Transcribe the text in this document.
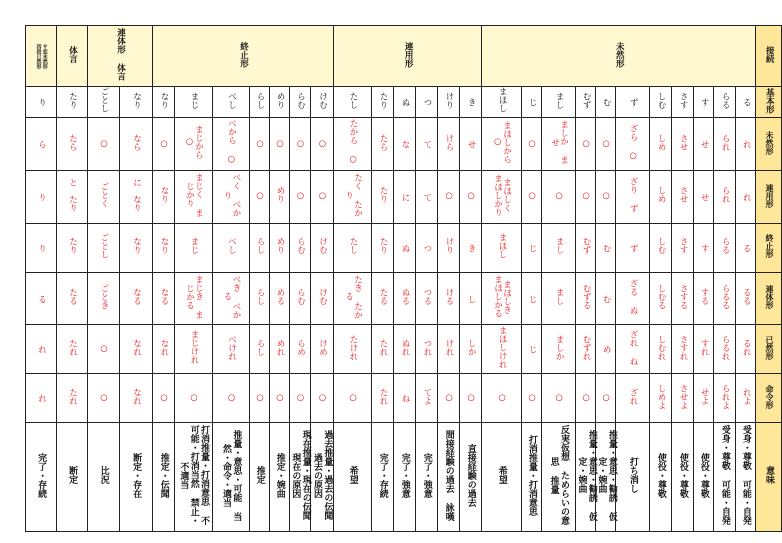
四段已然形 サ変未然形	体言	連体形 体言		終止形							連用形						未然形											接続
り	たり	ごとし	なり	なり	まじ	べし	らし	めり	らむ	けむ	たし	たり	ぬ	つ	けり	き	まほし	じ	まし	むず	む	ず	しむ	さす	す	らる	る	基本形
ら	たら	○	なら	○	まじから ○	べから ○	○	○	○	○	たから ○	たら	な	て	けら	せ	まほしから ○	○	ましか ませ	○	○	ざら ○	しめ	させ	せ	られ	れ	未然形
り	と　たり	ごとく	に　なり	なり	まじく まじかり	べく べかり	○	めり	○	○	たく たかり	たり	に	て	○	○	まほしく まほしかり	○	○	○	○	ざり ず	しめ	させ	せ	られ	れ	連用形
り	たり	ごとし	なり	なり	まじ	べし	らし	めり	らむ	けむ	たし	たり	ぬ	つ	けり	き	まほし	じ	まし	むず	む	ず	しむ	さす	す	らる	る	終止形
る	たる	ごとき	なる	なる	まじき まじかる	べき べかる	らし	める	らむ	けむ	たき たかる	たる	ぬる	つる	ける	し	まほしき まほしかる	じ	まし	むずる	む	ざる ぬ	しむる	さする	する	らるる	るる	連体形
れ	たれ	○	なれ	なれ	まじけれ	べけれ	らし	めれ	らめ	けめ	たけれ	たれ	ぬれ	つれ	けれ	しか	まほしけれ	じ	ましか	むずれ	め	ざれ ね	しむれ	さすれ	すれ	らるれ	るれ	已然形
れ	たれ	○	なれ	○	○	○	○	○	○	○	○	たれ	ね	てよ	○	○	○	○	○	○	○	ざれ	しめよ	させよ	せよ	られよ	れよ	命令形
完了・存続	断定	比況	断定・存在	推定・伝聞	打消推量・打消意思 不可能・打消当然 禁止・不適当	推量・意思・可能 当然・命令・適当	推定	推定・婉曲	現在推量・現在の伝聞 現在の原因	過去推量・過去の伝聞 過去の原因	希望	完了・存続	完了・強意	完了・強意	間接経験の過去 詠嘆	直接経験の過去	希望	打消推量・打消意思	反実仮想 ためらいの意思 推量	推量・意思・勧誘 仮定・婉曲	推量・意思・勧誘 仮定・婉曲	打ち消し	使役・尊敬	使役・尊敬	使役・尊敬	受身・尊敬 可能・自発	受身・尊敬 可能・自発	意味
